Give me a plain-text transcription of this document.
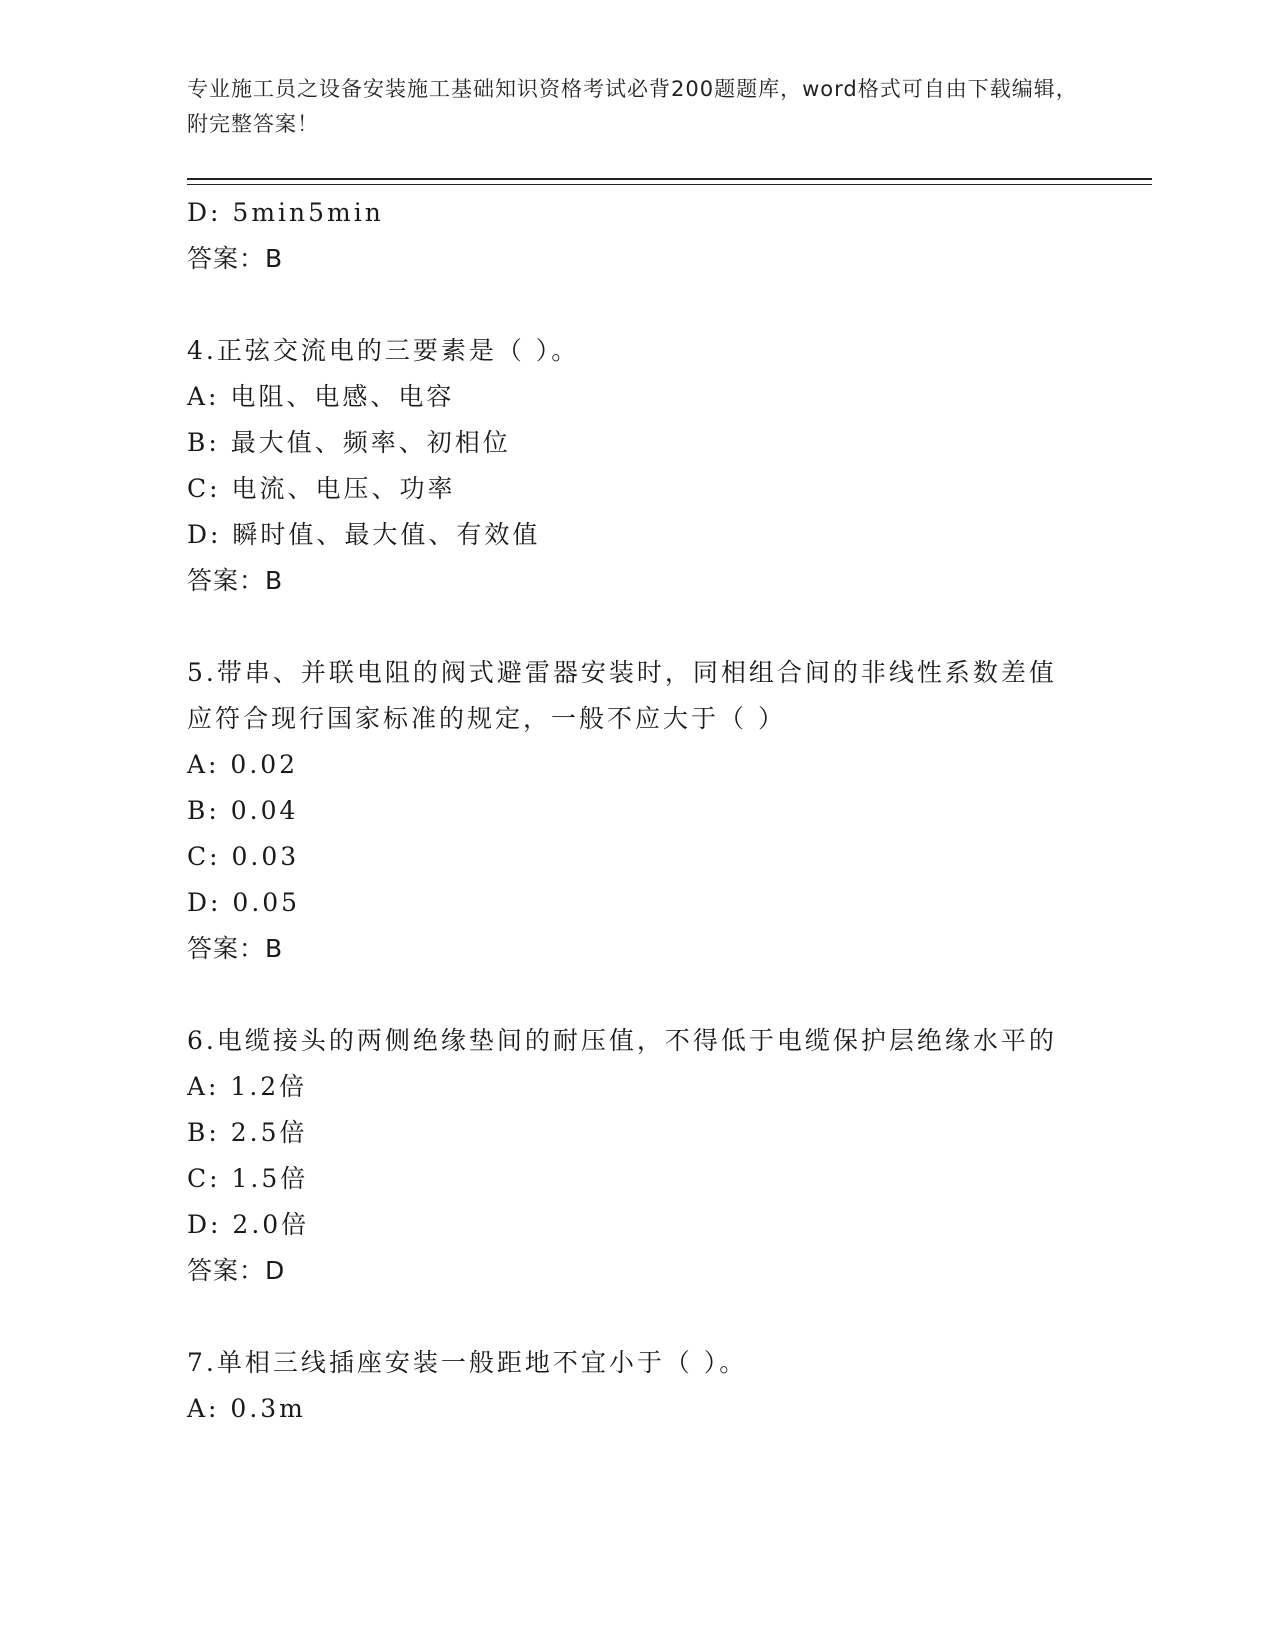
专业施工员之设备安装施工基础知识资格考试必背200题题库，word格式可自由下载编辑，附完整答案！
D: 5min5min
答案：B
4.正弦交流电的三要素是（ ）。
A: 电阻、电感、电容
B: 最大值、频率、初相位
C: 电流、电压、功率
D: 瞬时值、最大值、有效值
答案：B
5.带串、并联电阻的阀式避雷器安装时，同相组合间的非线性系数差值应符合现行国家标准的规定，一般不应大于（ ）
A: 0.02
B: 0.04
C: 0.03
D: 0.05
答案：B
6.电缆接头的两侧绝缘垫间的耐压值，不得低于电缆保护层绝缘水平的
A: 1.2倍
B: 2.5倍
C: 1.5倍
D: 2.0倍
答案：D
7.单相三线插座安装一般距地不宜小于（ ）。
A: 0.3m
